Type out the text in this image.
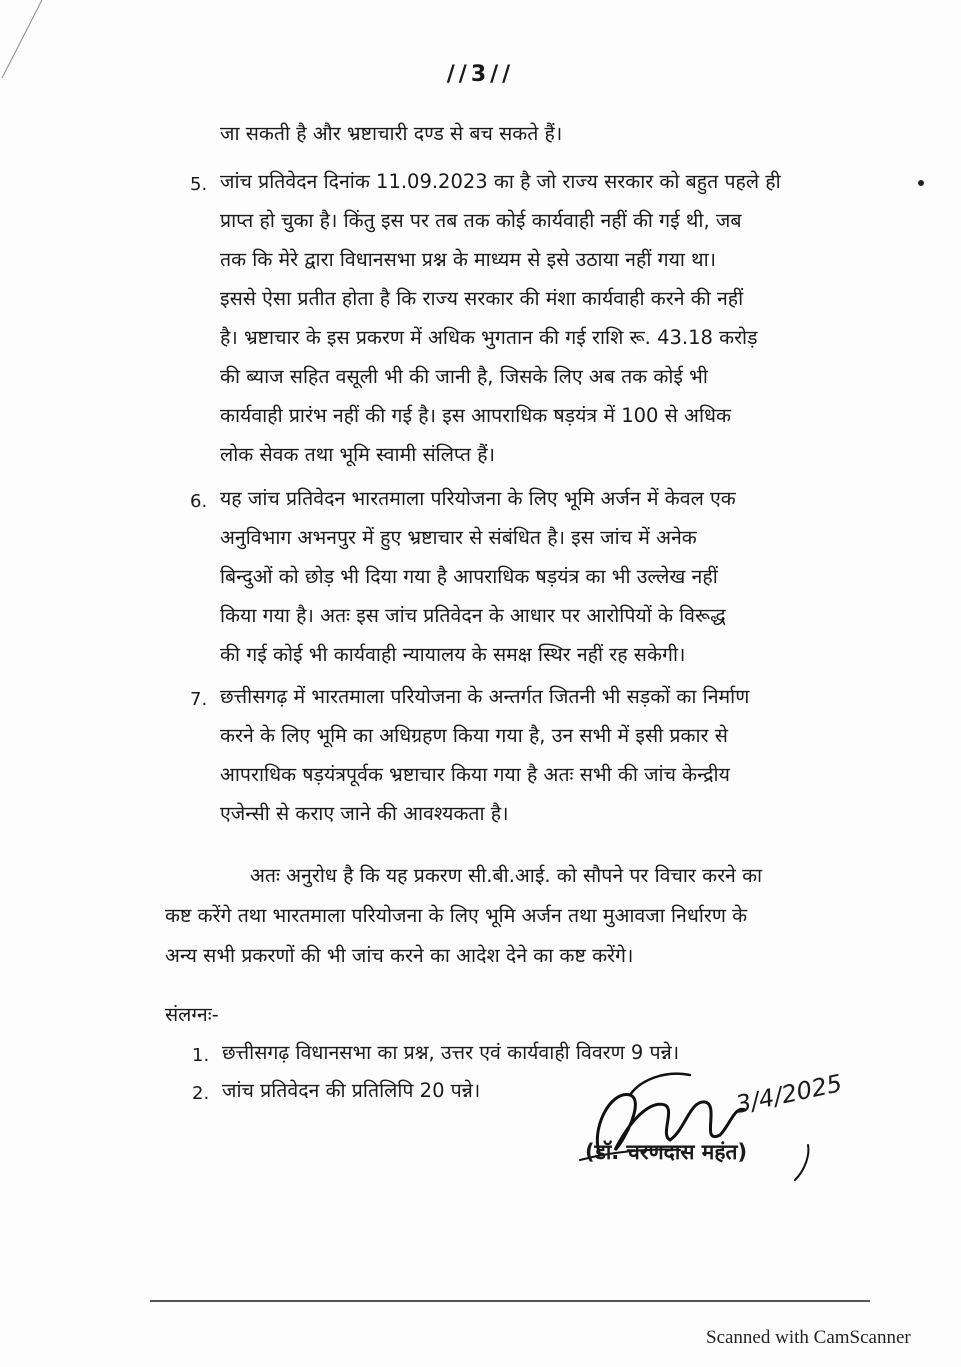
//3//
जा सकती है और भ्रष्टाचारी दण्ड से बच सकते हैं।
5. जांच प्रतिवेदन दिनांक 11.09.2023 का है जो राज्य सरकार को बहुत पहले ही
प्राप्त हो चुका है। किंतु इस पर तब तक कोई कार्यवाही नहीं की गई थी, जब
तक कि मेरे द्वारा विधानसभा प्रश्न के माध्यम से इसे उठाया नहीं गया था।
इससे ऐसा प्रतीत होता है कि राज्य सरकार की मंशा कार्यवाही करने की नहीं
है। भ्रष्टाचार के इस प्रकरण में अधिक भुगतान की गई राशि रू. 43.18 करोड़
की ब्याज सहित वसूली भी की जानी है, जिसके लिए अब तक कोई भी
कार्यवाही प्रारंभ नहीं की गई है। इस आपराधिक षड़यंत्र में 100 से अधिक
लोक सेवक तथा भूमि स्वामी संलिप्त हैं।
6. यह जांच प्रतिवेदन भारतमाला परियोजना के लिए भूमि अर्जन में केवल एक
अनुविभाग अभनपुर में हुए भ्रष्टाचार से संबंधित है। इस जांच में अनेक
बिन्दुओं को छोड़ भी दिया गया है आपराधिक षड़यंत्र का भी उल्लेख नहीं
किया गया है। अतः इस जांच प्रतिवेदन के आधार पर आरोपियों के विरूद्ध
की गई कोई भी कार्यवाही न्यायालय के समक्ष स्थिर नहीं रह सकेगी।
7. छत्तीसगढ़ में भारतमाला परियोजना के अन्तर्गत जितनी भी सड़कों का निर्माण
करने के लिए भूमि का अधिग्रहण किया गया है, उन सभी में इसी प्रकार से
आपराधिक षड़यंत्रपूर्वक भ्रष्टाचार किया गया है अतः सभी की जांच केन्द्रीय
एजेन्सी से कराए जाने की आवश्यकता है।
अतः अनुरोध है कि यह प्रकरण सी.बी.आई. को सौपने पर विचार करने का
कष्ट करेंगे तथा भारतमाला परियोजना के लिए भूमि अर्जन तथा मुआवजा निर्धारण के
अन्य सभी प्रकरणों की भी जांच करने का आदेश देने का कष्ट करेंगे।
संलग्नः-
1. छत्तीसगढ़ विधानसभा का प्रश्न, उत्तर एवं कार्यवाही विवरण 9 पन्ने।
2. जांच प्रतिवेदन की प्रतिलिपि 20 पन्ने।	3/4/2025
(डॉ. चरणदास महंत)
Scanned with CamScanner
